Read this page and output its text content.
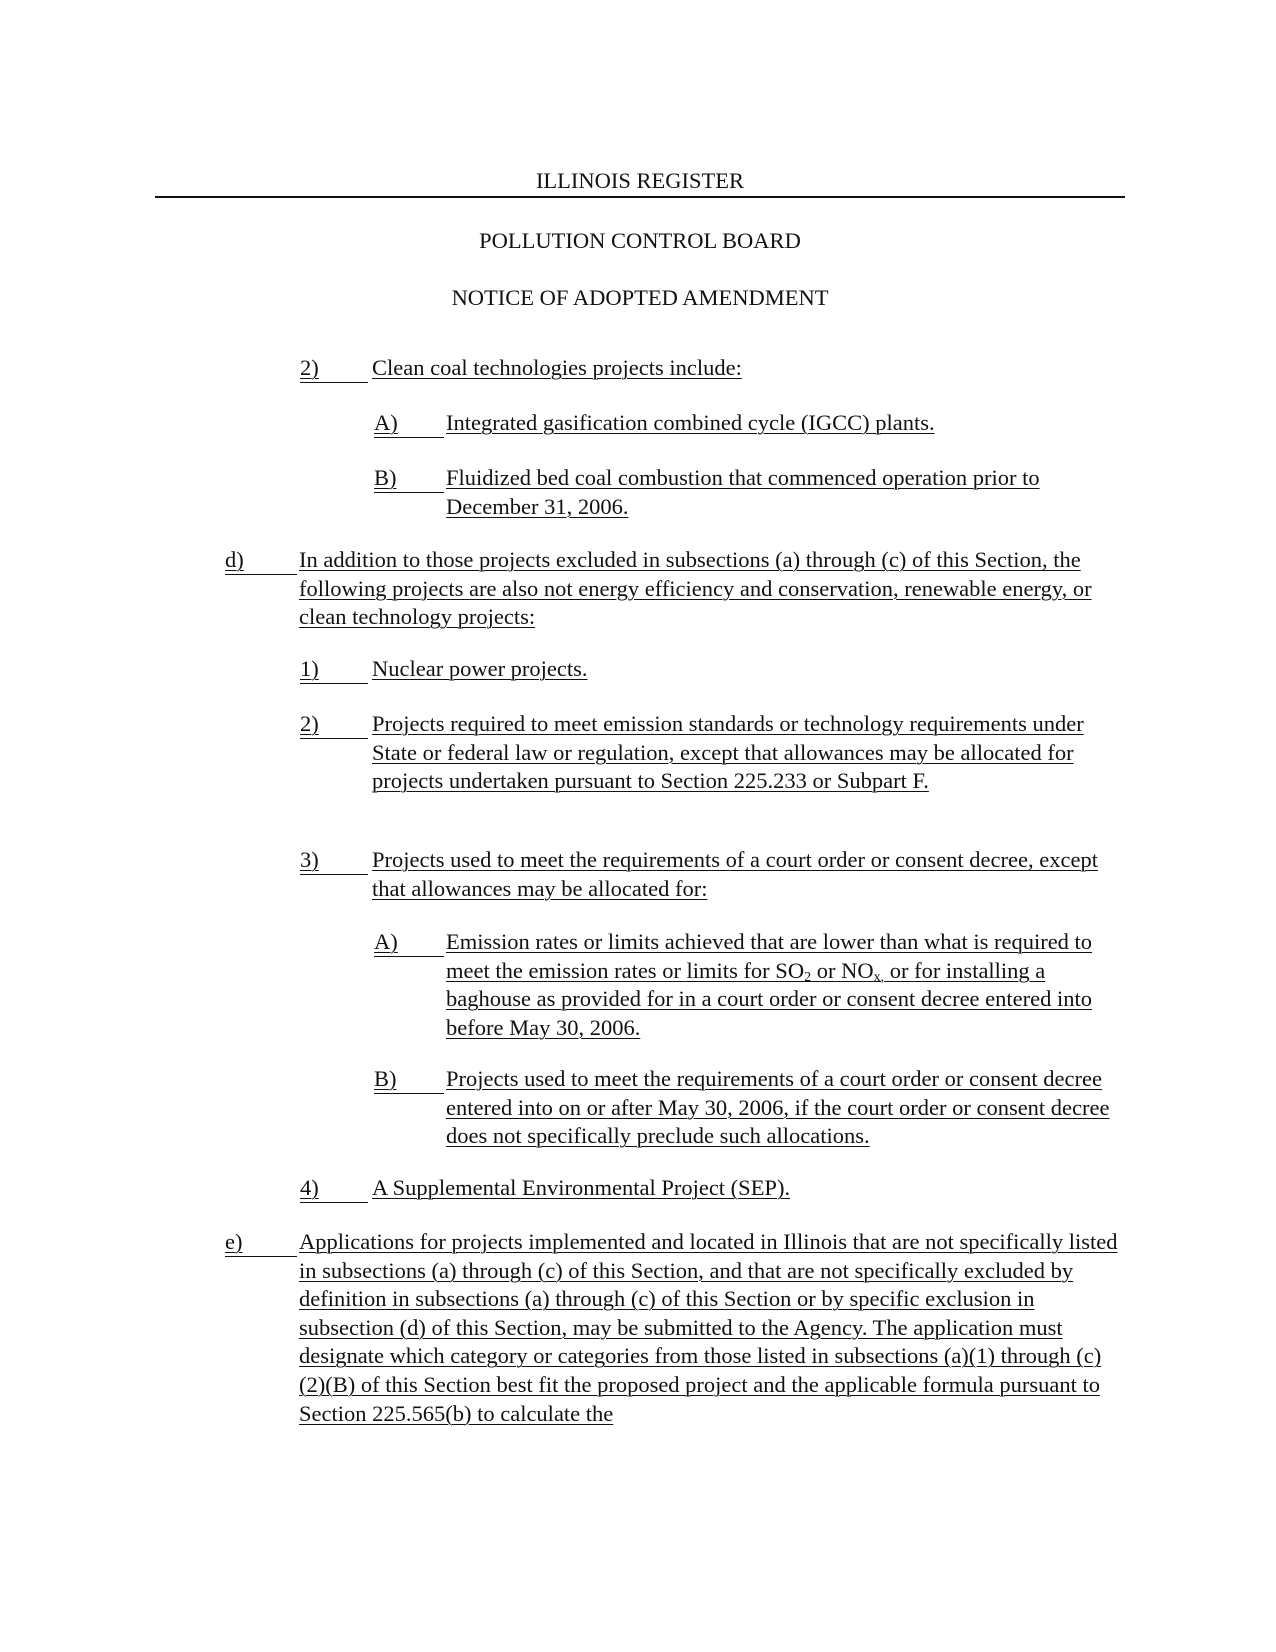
ILLINOIS REGISTER
POLLUTION CONTROL BOARD
NOTICE OF ADOPTED AMENDMENT
2) Clean coal technologies projects include:
A) Integrated gasification combined cycle (IGCC) plants.
B) Fluidized bed coal combustion that commenced operation prior to December 31, 2006.
d) In addition to those projects excluded in subsections (a) through (c) of this Section, the following projects are also not energy efficiency and conservation, renewable energy, or clean technology projects:
1) Nuclear power projects.
2) Projects required to meet emission standards or technology requirements under State or federal law or regulation, except that allowances may be allocated for projects undertaken pursuant to Section 225.233 or Subpart F.
3) Projects used to meet the requirements of a court order or consent decree, except that allowances may be allocated for:
A) Emission rates or limits achieved that are lower than what is required to meet the emission rates or limits for $SO_2$ or $NO_{x,}$ or for installing a baghouse as provided for in a court order or consent decree entered into before May 30, 2006.
B) Projects used to meet the requirements of a court order or consent decree entered into on or after May 30, 2006, if the court order or consent decree does not specifically preclude such allocations.
4) A Supplemental Environmental Project (SEP).
e)	Applications for projects implemented and located in Illinois that are not specifically listed in subsections (a) through (c) of this Section, and that are not specifically excluded by definition in subsections (a) through (c) of this Section or by specific exclusion in subsection (d) of this Section, may be submitted to the Agency. The application must designate which category or categories from those listed in subsections (a)(1) through (c)(2)(B) of this Section best fit the proposed project and the applicable formula pursuant to Section 225.565(b) to calculate the
